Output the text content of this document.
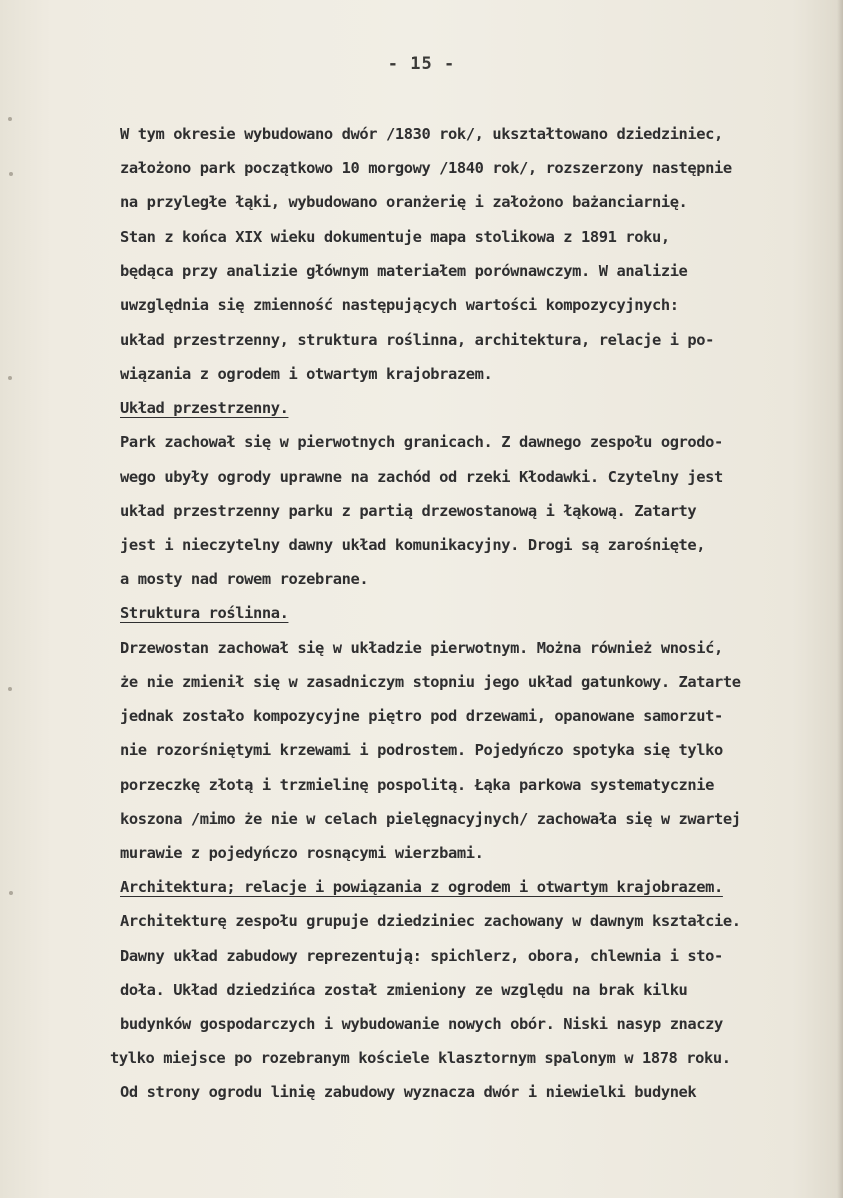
- 15 -
W tym okresie wybudowano dwór /1830 rok/, ukształtowano dziedziniec,
założono park początkowo 10 morgowy /1840 rok/, rozszerzony następnie
na przyległe łąki, wybudowano oranżerię i założono bażanciarnię.
Stan z końca XIX wieku dokumentuje mapa stolikowa z 1891 roku,
będąca przy analizie głównym materiałem porównawczym. W analizie
uwzględnia się zmienność następujących wartości kompozycyjnych:
układ przestrzenny, struktura roślinna, architektura, relacje i po-
wiązania z ogrodem i otwartym krajobrazem.
Układ przestrzenny.
Park zachował się w pierwotnych granicach. Z dawnego zespołu ogrodo-
wego ubyły ogrody uprawne na zachód od rzeki Kłodawki. Czytelny jest
układ przestrzenny parku z partią drzewostanową i łąkową. Zatarty
jest i nieczytelny dawny układ komunikacyjny. Drogi są zarośnięte,
a mosty nad rowem rozebrane.
Struktura roślinna.
Drzewostan zachował się w układzie pierwotnym. Można również wnosić,
że nie zmienił się w zasadniczym stopniu jego układ gatunkowy. Zatarte
jednak zostało kompozycyjne piętro pod drzewami, opanowane samorzut-
nie rozorśniętymi krzewami i podrostem. Pojedyńczo spotyka się tylko
porzeczkę złotą i trzmielinę pospolitą. Łąka parkowa systematycznie
koszona /mimo że nie w celach pielęgnacyjnych/ zachowała się w zwartej
murawie z pojedyńczo rosnącymi wierzbami.
Architektura; relacje i powiązania z ogrodem i otwartym krajobrazem.
Architekturę zespołu grupuje dziedziniec zachowany w dawnym kształcie.
Dawny układ zabudowy reprezentują: spichlerz, obora, chlewnia i sto-
doła. Układ dziedzińca został zmieniony ze względu na brak kilku
budynków gospodarczych i wybudowanie nowych obór. Niski nasyp znaczy
tylko miejsce po rozebranym kościele klasztornym spalonym w 1878 roku.
Od strony ogrodu linię zabudowy wyznacza dwór i niewielki budynek
